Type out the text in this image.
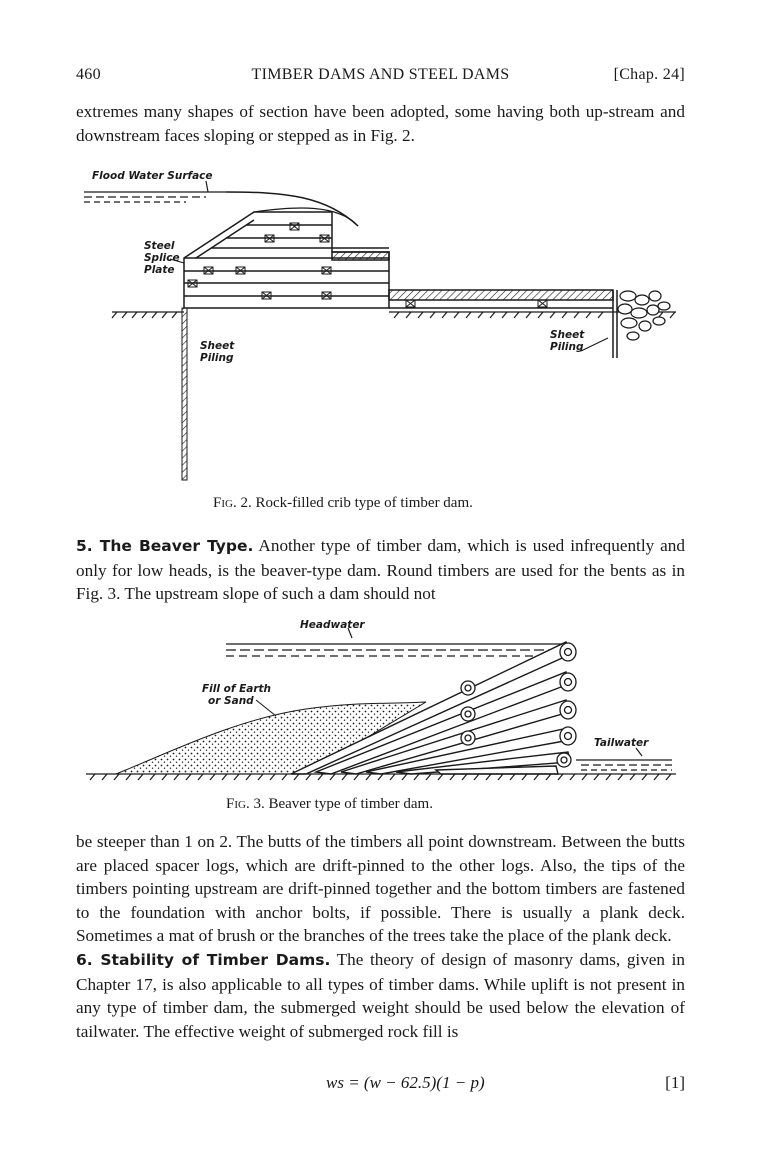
460	TIMBER DAMS AND STEEL DAMS	[Chap. 24]

extremes many shapes of section have been adopted, some having both up-stream and downstream faces sloping or stepped as in Fig. 2.

Flood Water Surface
Steel
Splice
Plate
Sheet
Piling
Sheet
Piling
Fig. 2. Rock-filled crib type of timber dam.

5. The Beaver Type. Another type of timber dam, which is used infrequently and only for low heads, is the beaver-type dam. Round timbers are used for the bents as in Fig. 3. The upstream slope of such a dam should not

Headwater
Fill of Earth
or Sand
Tailwater
Fig. 3. Beaver type of timber dam.

be steeper than 1 on 2. The butts of the timbers all point downstream. Between the butts are placed spacer logs, which are drift-pinned to the other logs. Also, the tips of the timbers pointing upstream are drift-pinned together and the bottom timbers are fastened to the foundation with anchor bolts, if possible. There is usually a plank deck. Sometimes a mat of brush or the branches of the trees take the place of the plank deck.

6. Stability of Timber Dams. The theory of design of masonry dams, given in Chapter 17, is also applicable to all types of timber dams. While uplift is not present in any type of timber dam, the submerged weight should be used below the elevation of tailwater. The effective weight of submerged rock fill is

ws = (w − 62.5)(1 − p)	[1]
